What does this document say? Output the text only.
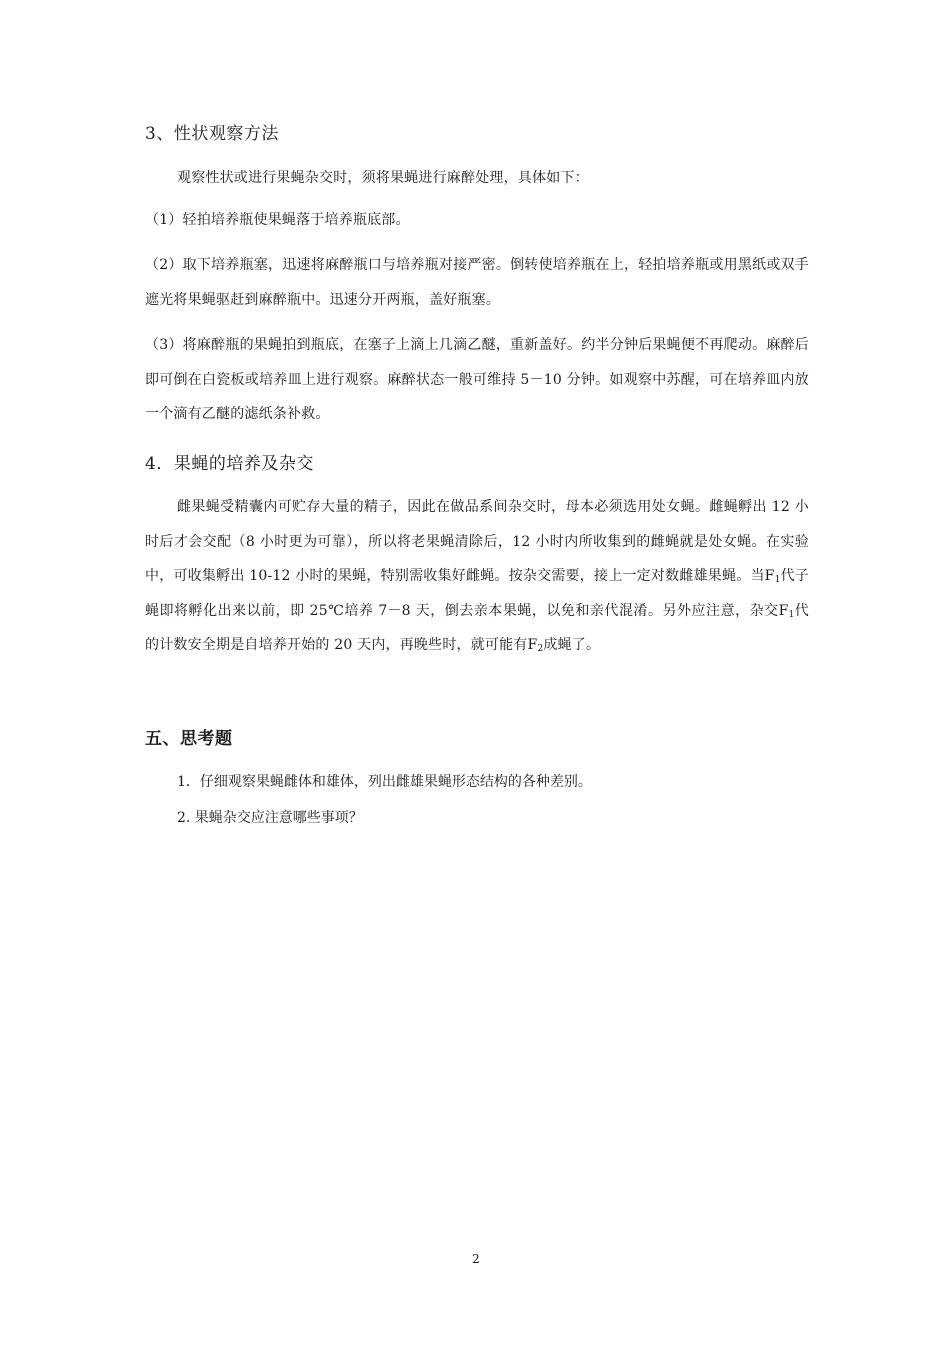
3、性状观察方法
观察性状或进行果蝇杂交时，须将果蝇进行麻醉处理，具体如下：
（1）轻拍培养瓶使果蝇落于培养瓶底部。
（2）取下培养瓶塞，迅速将麻醉瓶口与培养瓶对接严密。倒转使培养瓶在上，轻拍培养瓶或用黑纸或双手遮光将果蝇驱赶到麻醉瓶中。迅速分开两瓶，盖好瓶塞。
（3）将麻醉瓶的果蝇拍到瓶底，在塞子上滴上几滴乙醚，重新盖好。约半分钟后果蝇便不再爬动。麻醉后即可倒在白瓷板或培养皿上进行观察。麻醉状态一般可维持 5－10 分钟。如观察中苏醒，可在培养皿内放一个滴有乙醚的滤纸条补救。
4．果蝇的培养及杂交
雌果蝇受精囊内可贮存大量的精子，因此在做品系间杂交时，母本必须选用处女蝇。雌蝇孵出 12 小时后才会交配（8 小时更为可靠），所以将老果蝇清除后，12 小时内所收集到的雌蝇就是处女蝇。在实验中，可收集孵出 10-12 小时的果蝇，特别需收集好雌蝇。按杂交需要，接上一定对数雌雄果蝇。当$F_1$代子蝇即将孵化出来以前，即 25℃培养 7－8 天，倒去亲本果蝇，以免和亲代混淆。另外应注意，杂交$F_1$代的计数安全期是自培养开始的 20 天内，再晚些时，就可能有$F_2$成蝇了。
五、思考题
1．仔细观察果蝇雌体和雄体，列出雌雄果蝇形态结构的各种差别。
2. 果蝇杂交应注意哪些事项？
2
